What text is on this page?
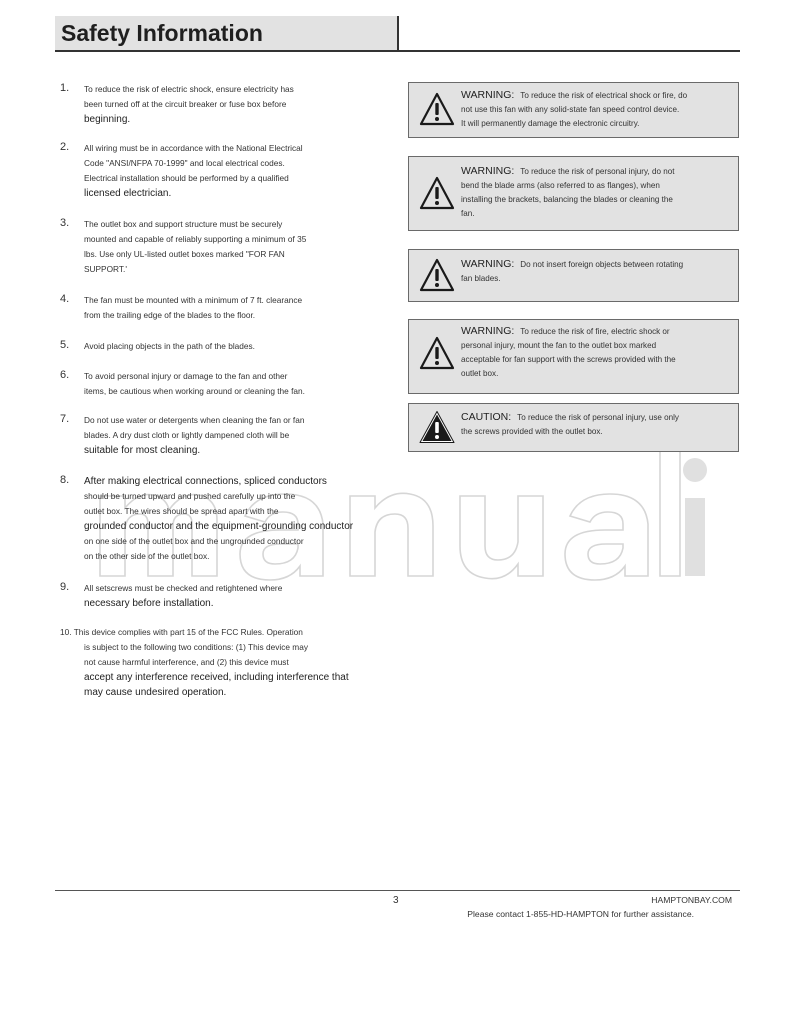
Safety Information
1. To reduce the risk of electric shock, ensure electricity has
been turned off at the circuit breaker or fuse box before
beginning.
2. All wiring must be in accordance with the National Electrical
Code "ANSI/NFPA 70-1999" and local electrical codes.
Electrical installation should be performed by a qualified
licensed electrician.
3. The outlet box and support structure must be securely
mounted and capable of reliably supporting a minimum of 35
lbs. Use only UL-listed outlet boxes marked "FOR FAN
SUPPORT.'
4. The fan must be mounted with a minimum of 7 ft. clearance
from the trailing edge of the blades to the floor.
5. Avoid placing objects in the path of the blades.
6. To avoid personal injury or damage to the fan and other
items, be cautious when working around or cleaning the fan.
7. Do not use water or detergents when cleaning the fan or fan
blades. A dry dust cloth or lightly dampened cloth will be
suitable for most cleaning.
8. After making electrical connections, spliced conductors
should be turned upward and pushed carefully up into the
outlet box. The wires should be spread apart with the
grounded conductor and the equipment-grounding conductor
on one side of the outlet box and the ungrounded conductor
on the other side of the outlet box.
9. All setscrews must be checked and retightened where
necessary before installation.
10. This device complies with part 15 of the FCC Rules. Operation
is subject to the following two conditions: (1) This device may
not cause harmful interference, and (2) this device must
accept any interference received, including interference that
may cause undesired operation.
WARNING: To reduce the risk of electrical shock or fire, do
not use this fan with any solid-state fan speed control device.
It will permanently damage the electronic circuitry.
WARNING: To reduce the risk of personal injury, do not
bend the blade arms (also referred to as flanges), when
installing the brackets, balancing the blades or cleaning the
fan.
WARNING: Do not insert foreign objects between rotating
fan blades.
WARNING: To reduce the risk of fire, electric shock or
personal injury, mount the fan to the outlet box marked
acceptable for fan support with the screws provided with the
outlet box.
CAUTION: To reduce the risk of personal injury, use only
the screws provided with the outlet box.
3	HAMPTONBAY.COM
Please contact 1-855-HD-HAMPTON for further assistance.
